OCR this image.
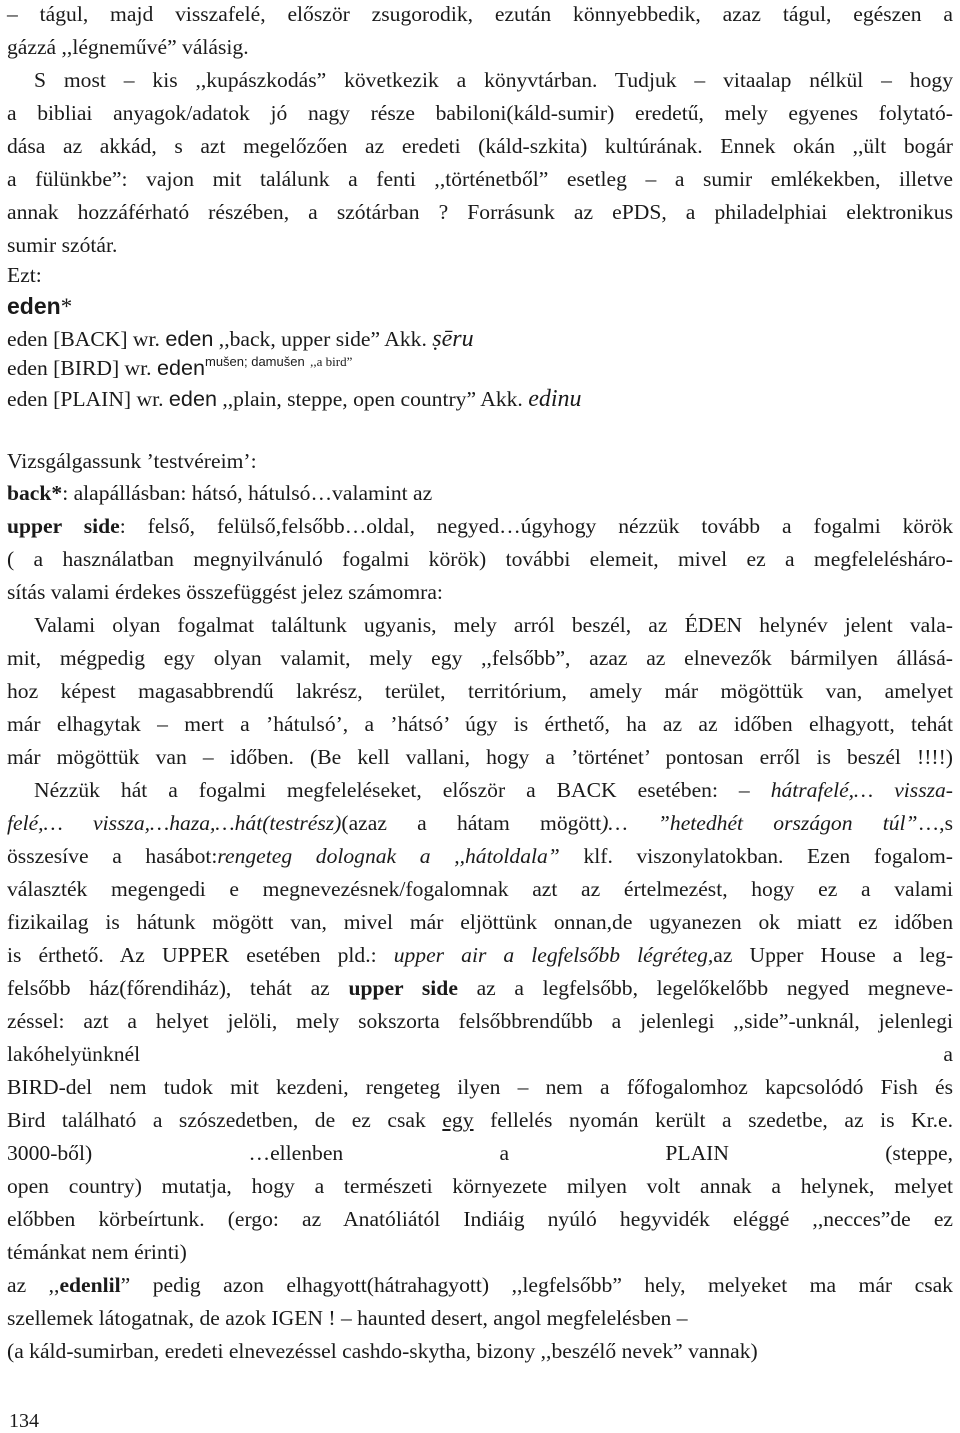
– tágul, majd visszafelé, először zsugorodik, ezután könnyebbedik, azaz tágul, egészen a
gázzá ,,légneművé” válásig.
S most – kis ,,kupászkodás” következik a könyvtárban. Tudjuk – vitaalap nélkül – hogy
a bibliai anyagok/adatok jó nagy része babiloni(káld-sumir) eredetű, mely egyenes folytató-
dása az akkád, s azt megelőzően az eredeti (káld-szkita) kultúrának. Ennek okán ,,ült bogár
a fülünkbe”: vajon mit találunk a fenti ,,történetből” esetleg – a sumir emlékekben, illetve
annak hozzáférható részében, a szótárban ? Forrásunk az ePDS, a philadelphiai elektronikus
sumir szótár.
Ezt:
eden*
eden [BACK] wr. eden ,,back, upper side” Akk. ṣēru
eden [BIRD] wr. eden$^{mušen; damušen}$ $^{,,a bird”}$
eden [PLAIN] wr. eden ,,plain, steppe, open country” Akk. edinu
Vizsgálgassunk ’testvéreim’:
back*: alapállásban: hátsó, hátulsó…valamint az
upper side: felső, felülső,felsőbb…oldal, negyed…úgyhogy nézzük tovább a fogalmi körök
( a használatban megnyilvánuló fogalmi körök) további elemeit, mivel ez a megfelelésháro-
sítás valami érdekes összefüggést jelez számomra:
Valami olyan fogalmat találtunk ugyanis, mely arról beszél, az ÉDEN helynév jelent vala-
mit, mégpedig egy olyan valamit, mely egy ,,felsőbb”, azaz az elnevezők bármilyen állásá-
hoz képest magasabbrendű lakrész, terület, territórium, amely már mögöttük van, amelyet
már elhagytak – mert a ’hátulsó’, a ’hátsó’ úgy is érthető, ha az az időben elhagyott, tehát
már mögöttük van – időben. (Be kell vallani, hogy a ’történet’ pontosan erről is beszél !!!!)
Nézzük hát a fogalmi megfeleléseket, először a BACK esetében: – hátrafelé,… vissza-
felé,… vissza,…haza,…hát(testrész)(azaz a hátam mögött)… ”hetedhét országon túl”…,s
összesíve a hasábot:rengeteg dolognak a ,,hátoldala” klf. viszonylatokban. Ezen fogalom-
választék megengedi e megnevezésnek/fogalomnak azt az értelmezést, hogy ez a valami
fizikailag is hátunk mögött van, mivel már eljöttünk onnan,de ugyanezen ok miatt ez időben
is érthető. Az UPPER esetében pld.: upper air a legfelsőbb légréteg,az Upper House a leg-
felsőbb ház(főrendiház), tehát az upper side az a legfelsőbb, legelőkelőbb negyed megneve-
zéssel: azt a helyet jelöli, mely sokszorta felsőbbrendűbb a jelenlegi ,,side”-unknál, jelenlegi
lakóhelyünknél	a
BIRD-del nem tudok mit kezdeni, rengeteg ilyen – nem a főfogalomhoz kapcsolódó Fish és
Bird található a szószedetben, de ez csak egy fellelés nyomán került a szedetbe, az is Kr.e.
3000-ből)	…ellenben a PLAIN (steppe,
open country) mutatja, hogy a természeti környezete milyen volt annak a helynek, melyet
előbben körbeírtunk. (ergo: az Anatóliától Indiáig nyúló hegyvidék eléggé ,,necces”de ez
témánkat nem érinti)
az ,,edenlil” pedig azon elhagyott(hátrahagyott) ,,legfelsőbb” hely, melyeket ma már csak
szellemek látogatnak, de azok IGEN ! – haunted desert, angol megfelelésben –
(a káld-sumirban, eredeti elnevezéssel cashdo-skytha, bizony ,,beszélő nevek” vannak)
134
